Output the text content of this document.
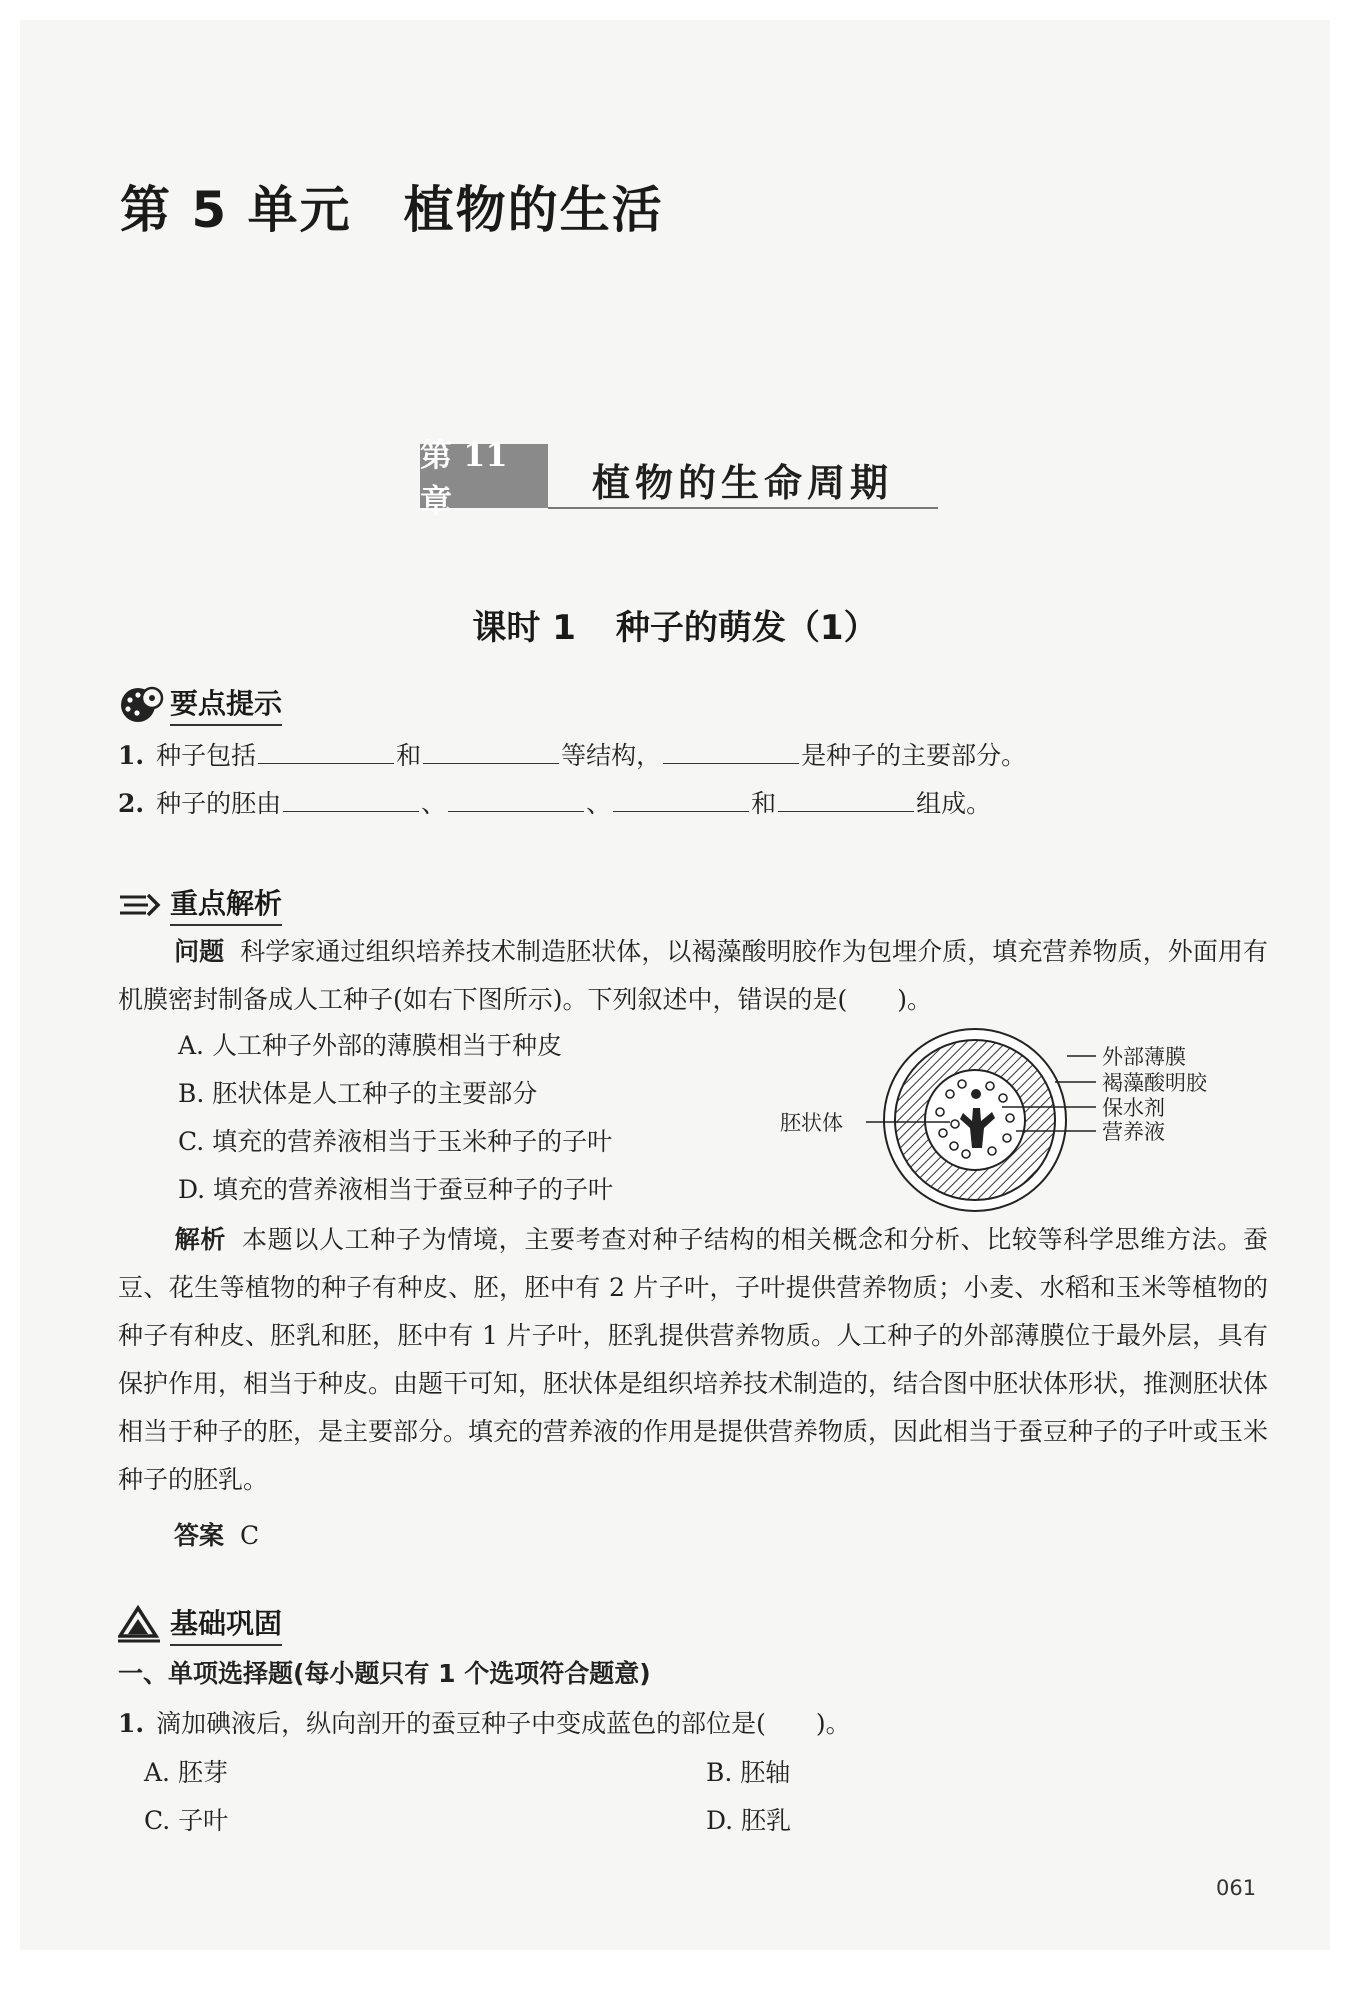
第 5 单元 植物的生活
第 11 章	植物的生命周期
课时 1 种子的萌发（1）
要点提示
1. 种子包括	和	等结构，	是种子的主要部分。
2. 种子的胚由	、	、	和	组成。
重点解析
问题 科学家通过组织培养技术制造胚状体，以褐藻酸明胶作为包埋介质，填充营养物质，外面用有机膜密封制备成人工种子(如右下图所示)。下列叙述中，错误的是(　　)。
A. 人工种子外部的薄膜相当于种皮
B. 胚状体是人工种子的主要部分
C. 填充的营养液相当于玉米种子的子叶
D. 填充的营养液相当于蚕豆种子的子叶
胚状体
外部薄膜
褐藻酸明胶
保水剂
营养液
解析 本题以人工种子为情境，主要考查对种子结构的相关概念和分析、比较等科学思维方法。蚕豆、花生等植物的种子有种皮、胚，胚中有 2 片子叶，子叶提供营养物质；小麦、水稻和玉米等植物的种子有种皮、胚乳和胚，胚中有 1 片子叶，胚乳提供营养物质。人工种子的外部薄膜位于最外层，具有保护作用，相当于种皮。由题干可知，胚状体是组织培养技术制造的，结合图中胚状体形状，推测胚状体相当于种子的胚，是主要部分。填充的营养液的作用是提供营养物质，因此相当于蚕豆种子的子叶或玉米种子的胚乳。
答案 C
基础巩固
一、单项选择题(每小题只有 1 个选项符合题意)
1. 滴加碘液后，纵向剖开的蚕豆种子中变成蓝色的部位是(　　)。
A. 胚芽	B. 胚轴
C. 子叶	D. 胚乳
061
